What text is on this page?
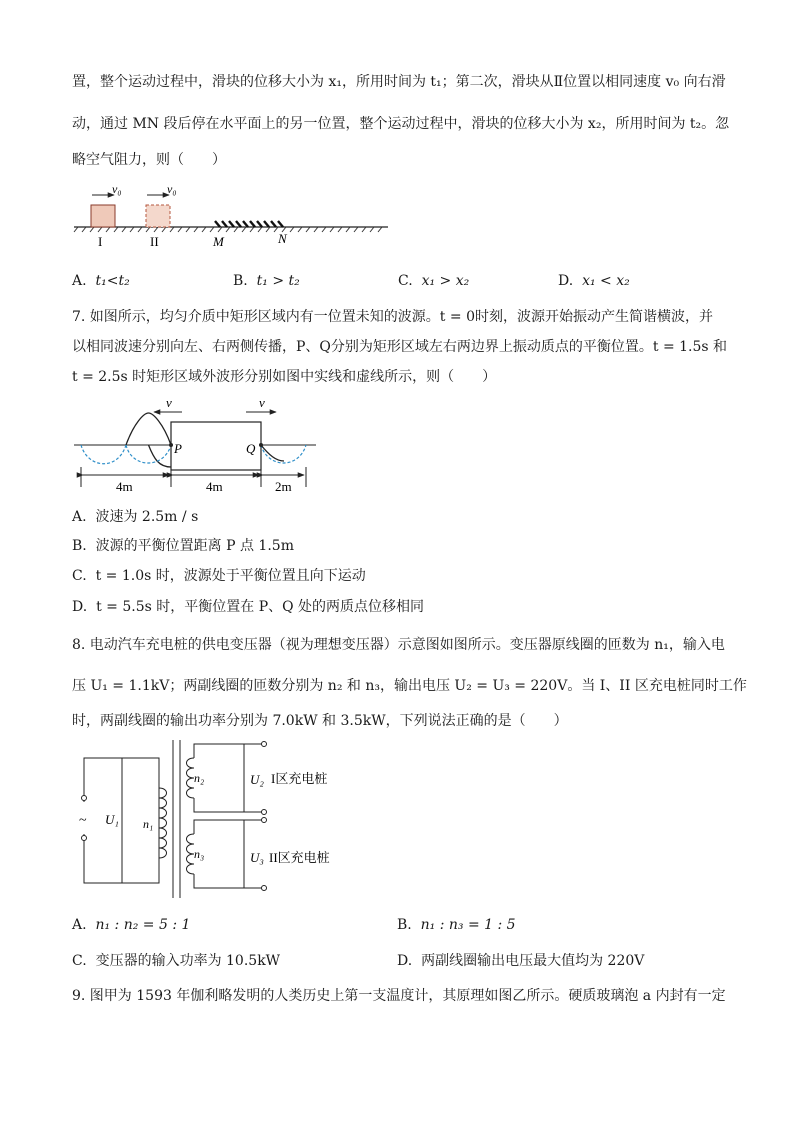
置，整个运动过程中，滑块的位移大小为 x₁，所用时间为 t₁；第二次，滑块从Ⅱ位置以相同速度 v₀ 向右滑
动，通过 MN 段后停在水平面上的另一位置，整个运动过程中，滑块的位移大小为 x₂，所用时间为 t₂。忽
略空气阻力，则（　　）
v₀	v₀
I	II	M	N
A. t₁<t₂	B. t₁ > t₂	C. x₁ > x₂	D. x₁ < x₂
7. 如图所示，均匀介质中矩形区域内有一位置未知的波源。t = 0时刻，波源开始振动产生简谐横波，并
以相同波速分别向左、右两侧传播，P、Q分别为矩形区域左右两边界上振动质点的平衡位置。t = 1.5s 和
t = 2.5s 时矩形区域外波形分别如图中实线和虚线所示，则（　　）
P	Q
v	v
4m	4m	2m
A. 波速为 2.5m / s
B. 波源的平衡位置距离 P 点 1.5m
C. t = 1.0s 时，波源处于平衡位置且向下运动
D. t = 5.5s 时，平衡位置在 P、Q 处的两质点位移相同
8. 电动汽车充电桩的供电变压器（视为理想变压器）示意图如图所示。变压器原线圈的匝数为 n₁，输入电
压 U₁ = 1.1kV；两副线圈的匝数分别为 n₂ 和 n₃，输出电压 U₂ = U₃ = 220V。当 I、II 区充电桩同时工作
时，两副线圈的输出功率分别为 7.0kW 和 3.5kW，下列说法正确的是（　　）
~ U₁ n₁
n₂
n₃
U₂
U₃
I区充电桩
II区充电桩
A. n₁ : n₂ = 5 : 1	B. n₁ : n₃ = 1 : 5
C. 变压器的输入功率为 10.5kW	D. 两副线圈输出电压最大值均为 220V
9. 图甲为 1593 年伽利略发明的人类历史上第一支温度计，其原理如图乙所示。硬质玻璃泡 a 内封有一定
